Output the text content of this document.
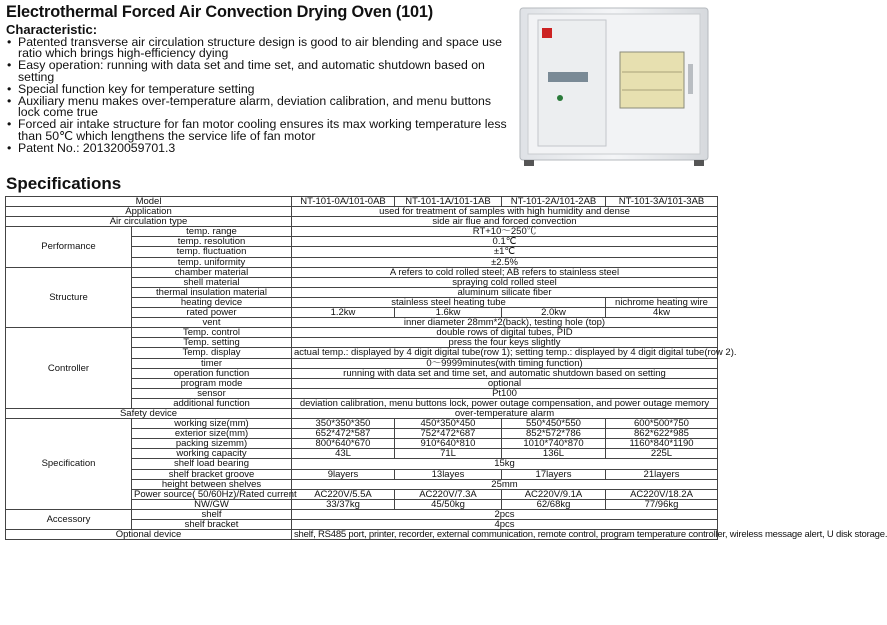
Electrothermal Forced Air Convection Drying Oven (101)
Characteristic:
• Patented transverse air circulation structure design is good to air blending and space use ratio which brings high-efficiency dying
• Easy operation: running with data set and time set, and automatic shutdown based on setting
• Special function key for temperature setting
• Auxiliary menu makes over-temperature alarm, deviation calibration, and menu buttons lock come true
• Forced air intake structure for fan motor cooling ensures its max working temperature less than 50℃ which lengthens the service life of fan motor
• Patent No.: 201320059701.3
Specifications
Model		NT-101-0A/101-0AB	NT-101-1A/101-1AB	NT-101-2A/101-2AB	NT-101-3A/101-3AB
Application		used for treatment of samples with high humidity and dense			
Air circulation type		side air flue and forced convection			
Performance	temp. range	RT+10～250℃			
	temp. resolution	0.1℃			
	temp. fluctuation	±1℃			
	temp. uniformity	±2.5%			
Structure	chamber material	A refers to cold rolled steel; AB refers to stainless steel			
	shell material	spraying cold rolled steel			
	thermal insulation material	aluminum silicate fiber			
	heating device	stainless steel heating tube			nichrome heating wire
	rated power	1.2kw	1.6kw	2.0kw	4kw
	vent	inner diameter 28mm*2(back), testing hole (top)			
Controller	Temp. control	double rows of digital tubes, PID			
	Temp. setting	press the four keys slightly			
	Temp. display	actual temp.: displayed by 4 digit digital tube(row 1); setting temp.: displayed by 4 digit digital tube(row 2).			
	timer	0～9999minutes(with timing function)			
	operation function	running with data set and time set, and automatic shutdown based on setting			
	program mode	optional			
	sensor	Pt100			
	additional function	deviation calibration, menu buttons lock, power outage compensation, and power outage memory			
Safety device		over-temperature alarm			
Specification	working size(mm)	350*350*350	450*350*450	550*450*550	600*500*750
	exterior size(mm)	652*472*587	752*472*687	852*572*786	862*622*985
	packing sizemm)	800*640*670	910*640*810	1010*740*870	1160*840*1190
	working capacity	43L	71L	136L	225L
	shelf load bearing	15kg			
	shelf bracket groove	9layers	13layes	17layers	21layers
	height between shelves	25mm			
	Power source( 50/60Hz)/Rated current	AC220V/5.5A	AC220V/7.3A	AC220V/9.1A	AC220V/18.2A
	NW/GW	33/37kg	45/50kg	62/68kg	77/96kg
Accessory	shelf	2pcs			
	shelf bracket	4pcs			
Optional device		shelf, RS485 port, printer, recorder, external communication, remote control, program temperature controller, wireless message alert, U disk storage.			
